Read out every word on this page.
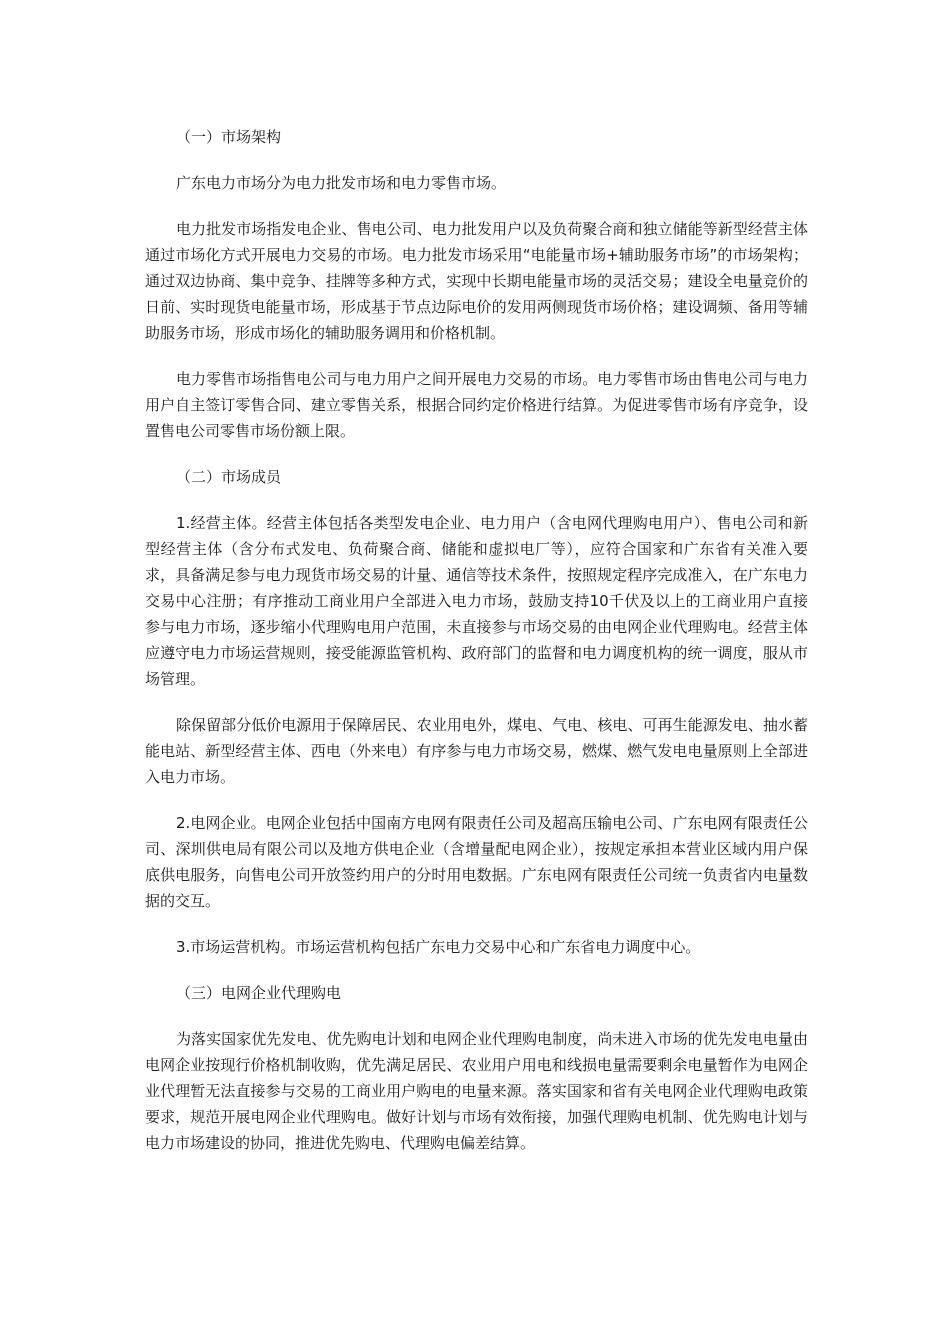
（一）市场架构

广东电力市场分为电力批发市场和电力零售市场。

电力批发市场指发电企业、售电公司、电力批发用户以及负荷聚合商和独立储能等新型经营主体通过市场化方式开展电力交易的市场。电力批发市场采用“电能量市场+辅助服务市场”的市场架构；通过双边协商、集中竞争、挂牌等多种方式，实现中长期电能量市场的灵活交易；建设全电量竞价的日前、实时现货电能量市场，形成基于节点边际电价的发用两侧现货市场价格；建设调频、备用等辅助服务市场，形成市场化的辅助服务调用和价格机制。

电力零售市场指售电公司与电力用户之间开展电力交易的市场。电力零售市场由售电公司与电力用户自主签订零售合同、建立零售关系，根据合同约定价格进行结算。为促进零售市场有序竞争，设置售电公司零售市场份额上限。

（二）市场成员

1.经营主体。经营主体包括各类型发电企业、电力用户（含电网代理购电用户）、售电公司和新型经营主体（含分布式发电、负荷聚合商、储能和虚拟电厂等），应符合国家和广东省有关准入要求，具备满足参与电力现货市场交易的计量、通信等技术条件，按照规定程序完成准入，在广东电力交易中心注册；有序推动工商业用户全部进入电力市场，鼓励支持10千伏及以上的工商业用户直接参与电力市场，逐步缩小代理购电用户范围，未直接参与市场交易的由电网企业代理购电。经营主体应遵守电力市场运营规则，接受能源监管机构、政府部门的监督和电力调度机构的统一调度，服从市场管理。

除保留部分低价电源用于保障居民、农业用电外，煤电、气电、核电、可再生能源发电、抽水蓄能电站、新型经营主体、西电（外来电）有序参与电力市场交易，燃煤、燃气发电电量原则上全部进入电力市场。

2.电网企业。电网企业包括中国南方电网有限责任公司及超高压输电公司、广东电网有限责任公司、深圳供电局有限公司以及地方供电企业（含增量配电网企业），按规定承担本营业区域内用户保底供电服务，向售电公司开放签约用户的分时用电数据。广东电网有限责任公司统一负责省内电量数据的交互。

3.市场运营机构。市场运营机构包括广东电力交易中心和广东省电力调度中心。

（三）电网企业代理购电

为落实国家优先发电、优先购电计划和电网企业代理购电制度，尚未进入市场的优先发电电量由电网企业按现行价格机制收购，优先满足居民、农业用户用电和线损电量需要剩余电量暂作为电网企业代理暂无法直接参与交易的工商业用户购电的电量来源。落实国家和省有关电网企业代理购电政策要求，规范开展电网企业代理购电。做好计划与市场有效衔接，加强代理购电机制、优先购电计划与电力市场建设的协同，推进优先购电、代理购电偏差结算。
